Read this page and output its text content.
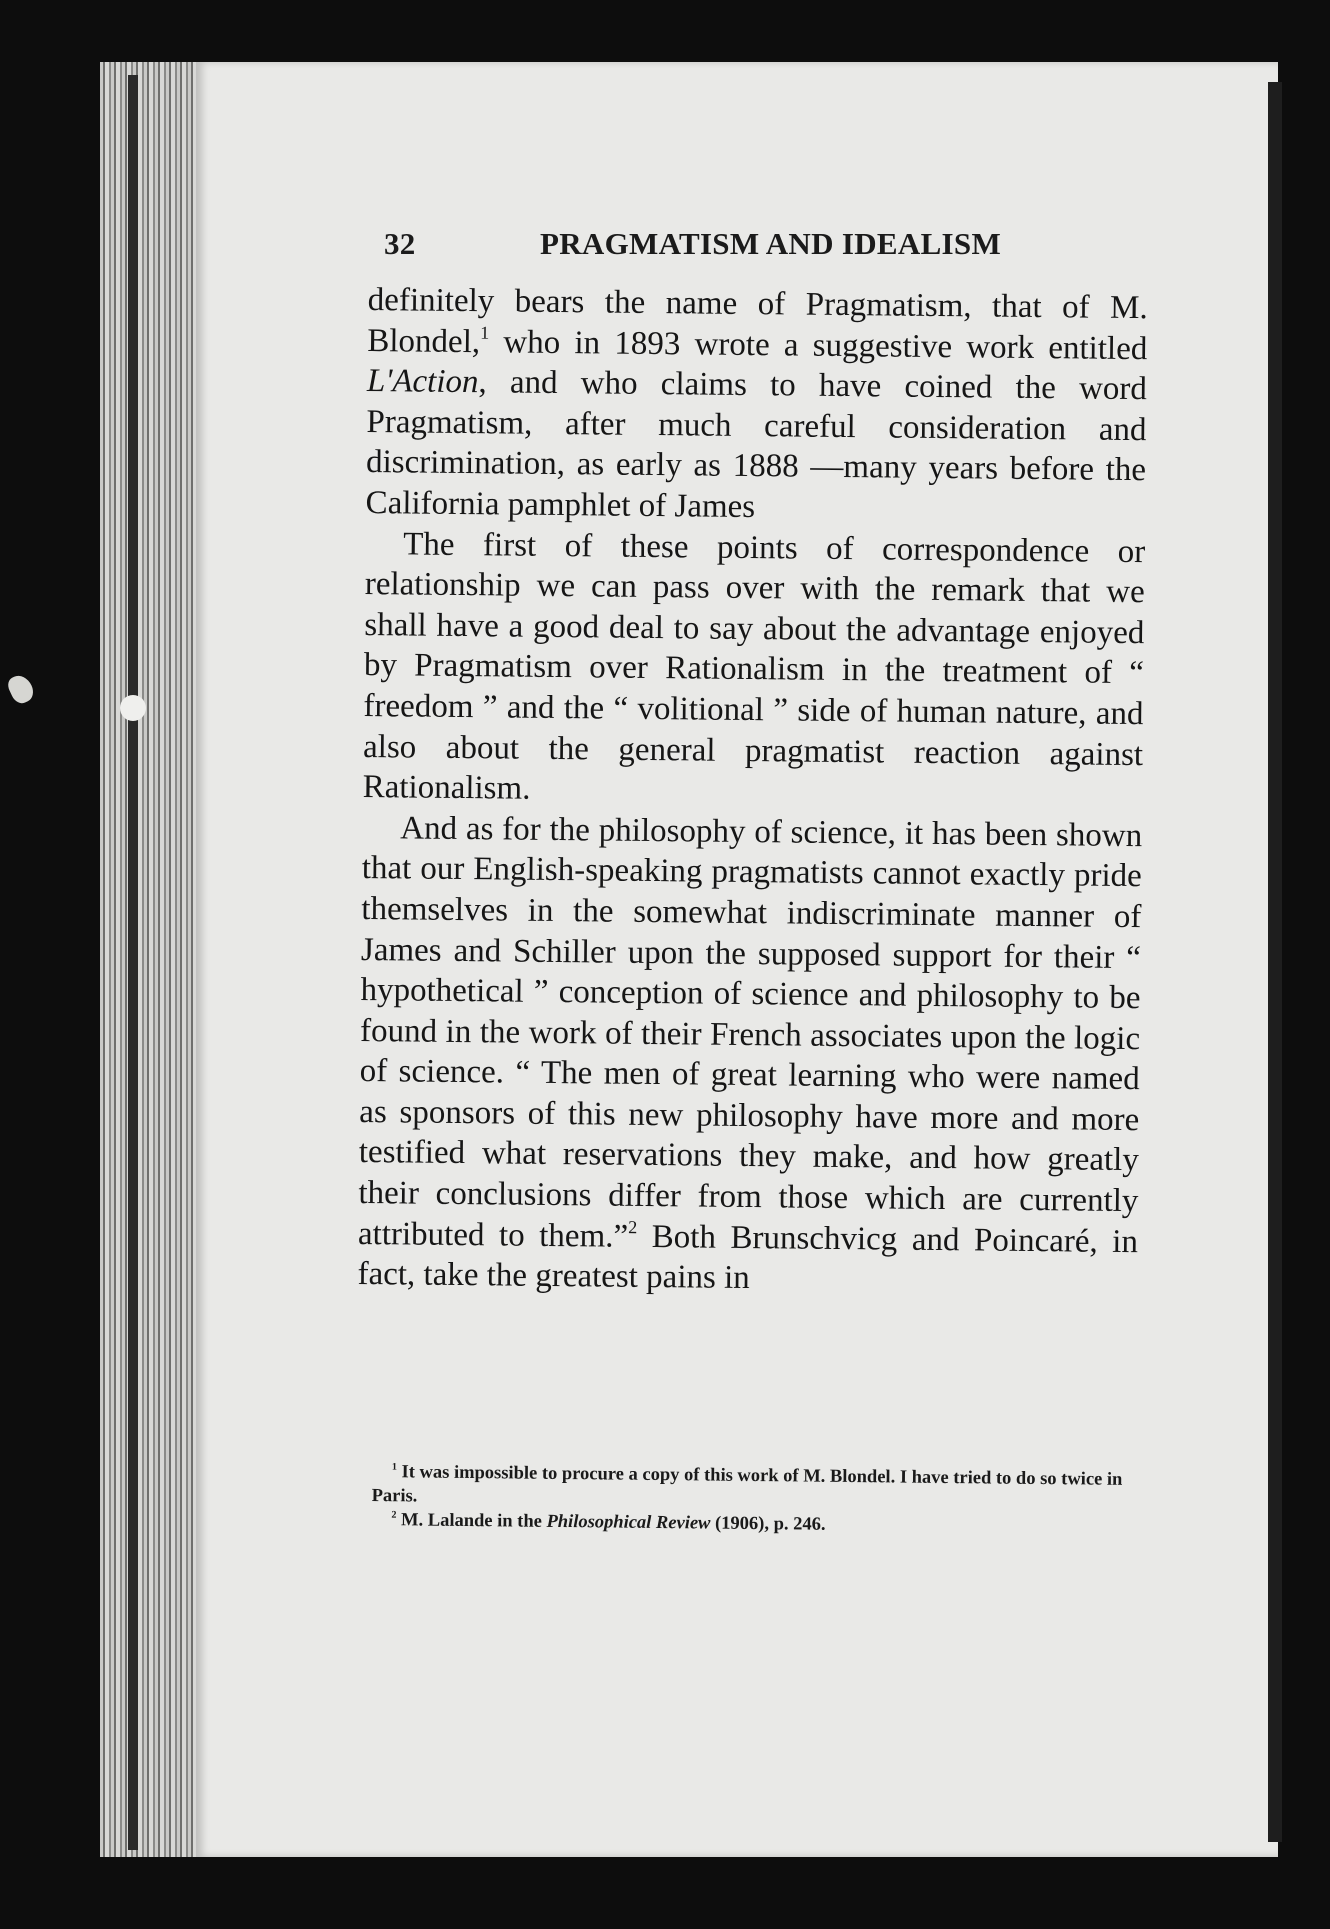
32	PRAGMATISM AND IDEALISM

definitely bears the name of Pragmatism, that of M. Blondel,$^1$ who in 1893 wrote a suggestive work entitled L'Action, and who claims to have coined the word Pragmatism, after much careful consideration and discrimination, as early as 1888 —many years before the California pamphlet of James

The first of these points of correspondence or relationship we can pass over with the remark that we shall have a good deal to say about the advantage enjoyed by Pragmatism over Rationalism in the treatment of “ freedom ” and the “ volitional ” side of human nature, and also about the general pragmatist reaction against Rationalism.

And as for the philosophy of science, it has been shown that our English-speaking pragmatists cannot exactly pride themselves in the somewhat indiscriminate manner of James and Schiller upon the supposed support for their “ hypothetical ” conception of science and philosophy to be found in the work of their French associates upon the logic of science. “ The men of great learning who were named as sponsors of this new philosophy have more and more testified what reservations they make, and how greatly their conclusions differ from those which are currently attributed to them.”$^2$ Both Brunschvicg and Poincaré, in fact, take the greatest pains in

$^1$ It was impossible to procure a copy of this work of M. Blondel. I have tried to do so twice in Paris.

$^2$ M. Lalande in the Philosophical Review (1906), p. 246.
